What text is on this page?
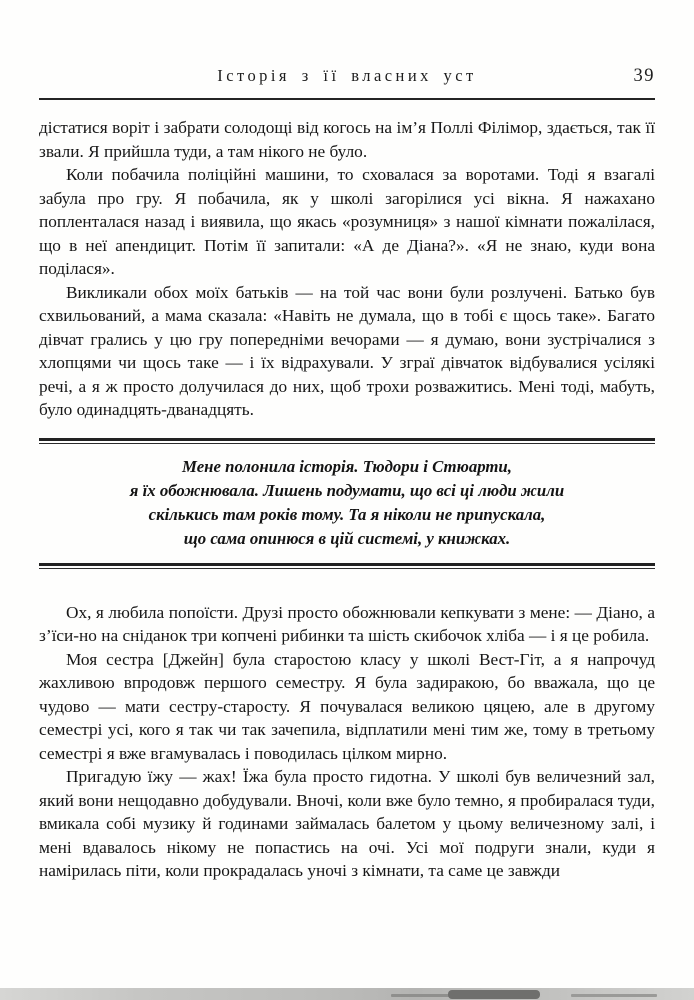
Історія з її власних уст	39

дістатися воріт і забрати солодощі від когось на ім’я Поллі Філімор, здається, так її звали. Я прийшла туди, а там нікого не було.

Коли побачила поліційні машини, то сховалася за воротами. Тоді я взагалі забула про гру. Я побачила, як у школі загорілися усі вікна. Я нажахано попленталася назад і виявила, що якась «розумниця» з нашої кімнати пожалілася, що в неї апендицит. Потім її запитали: «А де Діана?». «Я не знаю, куди вона поділася».

Викликали обох моїх батьків — на той час вони були розлучені. Батько був схвильований, а мама сказала: «Навіть не думала, що в тобі є щось таке». Багато дівчат грались у цю гру попередніми вечорами — я думаю, вони зустрічалися з хлопцями чи щось таке — і їх відрахували. У зграї дівчаток відбувалися усілякі речі, а я ж просто долучилася до них, щоб трохи розважитись. Мені тоді, мабуть, було одинадцять-дванадцять.

Мене полонила історія. Тюдори і Стюарти,
я їх обожнювала. Лишень подумати, що всі ці люди жили
скількись там років тому. Та я ніколи не припускала,
що сама опинюся в цій системі, у книжках.

Ох, я любила попоїсти. Друзі просто обожнювали кепкувати з мене: — Діано, а з’їси-но на сніданок три копчені рибинки та шість скибочок хліба — і я це робила.

Моя сестра [Джейн] була старостою класу у школі Вест-Гіт, а я напрочуд жахливою впродовж першого семестру. Я була задиракою, бо вважала, що це чудово — мати сестру-старосту. Я почувалася великою цяцею, але в другому семестрі усі, кого я так чи так зачепила, відплатили мені тим же, тому в третьому семестрі я вже вгамувалась і поводилась цілком мирно.

Пригадую їжу — жах! Їжа була просто гидотна. У школі був величезний зал, який вони нещодавно добудували. Вночі, коли вже було темно, я пробиралася туди, вмикала собі музику й годинами займалась балетом у цьому величезному залі, і мені вдавалось нікому не попастись на очі. Усі мої подруги знали, куди я намірилась піти, коли прокрадалась уночі з кімнати, та саме це завжди
